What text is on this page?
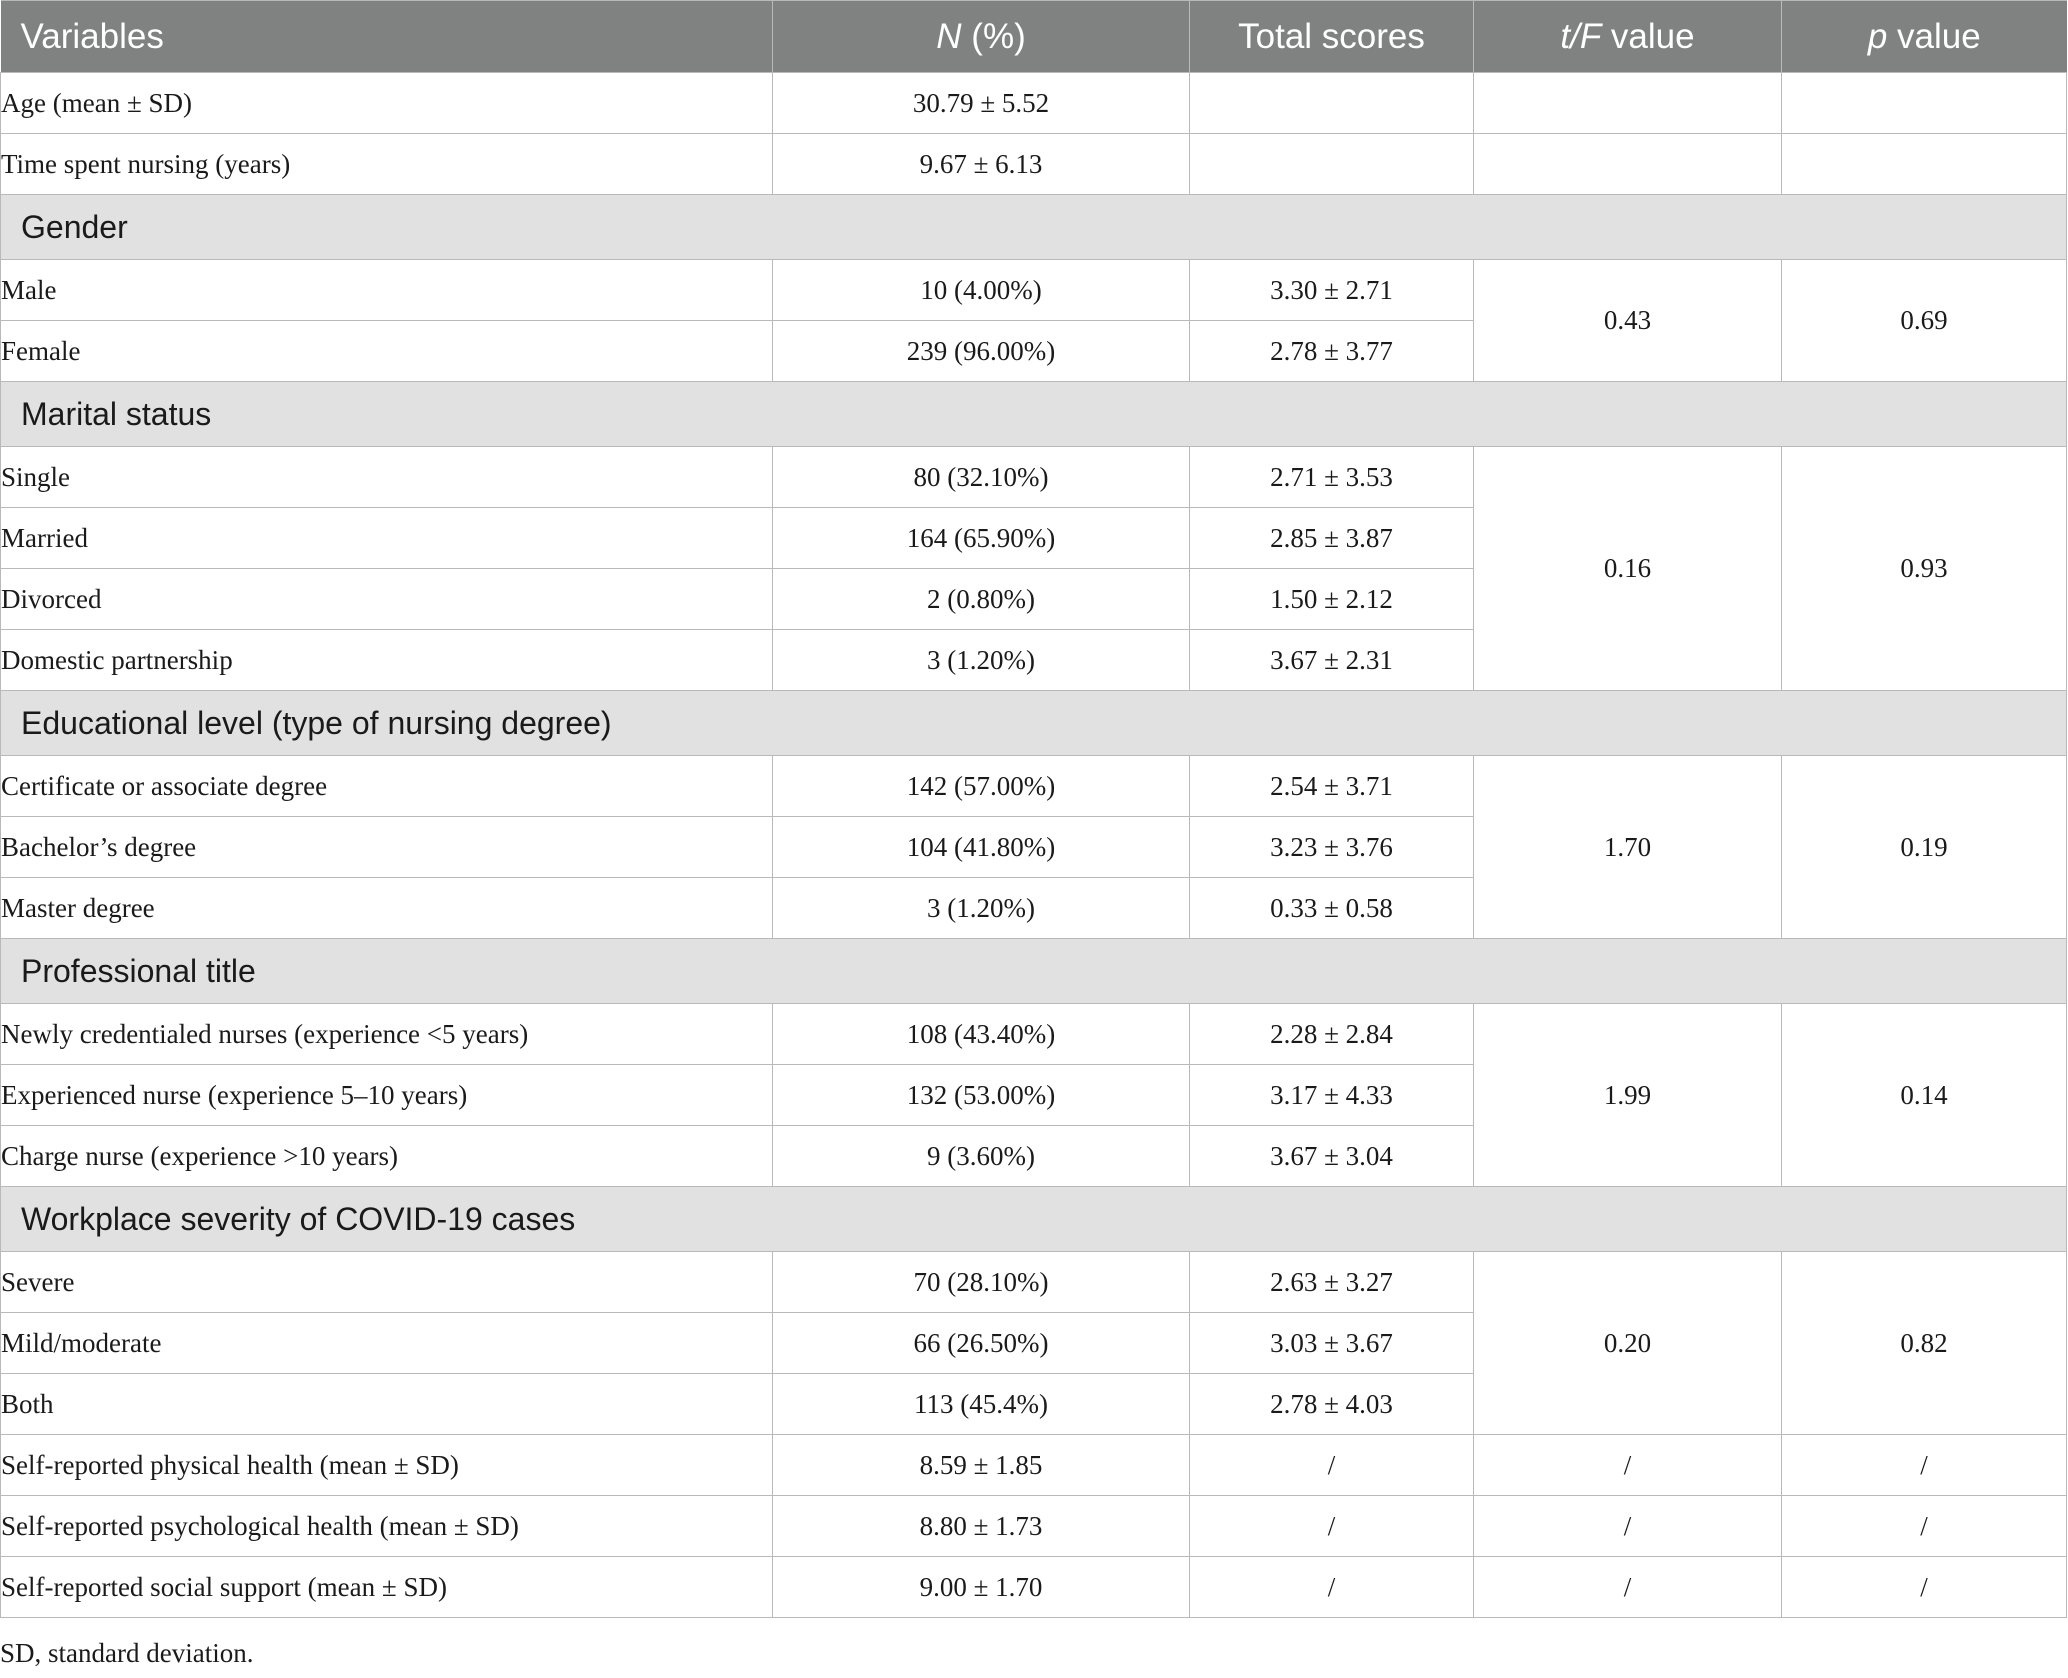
Variables	N (%)	Total scores	t/F value	p value
Age (mean ± SD)	30.79 ± 5.52			
Time spent nursing (years)	9.67 ± 6.13			
Gender				
Male	10 (4.00%)	3.30 ± 2.71	0.43	0.69
Female	239 (96.00%)	2.78 ± 3.77		
Marital status				
Single	80 (32.10%)	2.71 ± 3.53	0.16	0.93
Married	164 (65.90%)	2.85 ± 3.87		
Divorced	2 (0.80%)	1.50 ± 2.12		
Domestic partnership	3 (1.20%)	3.67 ± 2.31		
Educational level (type of nursing degree)				
Certificate or associate degree	142 (57.00%)	2.54 ± 3.71	1.70	0.19
Bachelor’s degree	104 (41.80%)	3.23 ± 3.76		
Master degree	3 (1.20%)	0.33 ± 0.58		
Professional title				
Newly credentialed nurses (experience <5 years)	108 (43.40%)	2.28 ± 2.84	1.99	0.14
Experienced nurse (experience 5–10 years)	132 (53.00%)	3.17 ± 4.33		
Charge nurse (experience >10 years)	9 (3.60%)	3.67 ± 3.04		
Workplace severity of COVID-19 cases				
Severe	70 (28.10%)	2.63 ± 3.27	0.20	0.82
Mild/moderate	66 (26.50%)	3.03 ± 3.67		
Both	113 (45.4%)	2.78 ± 4.03		
Self-reported physical health (mean ± SD)	8.59 ± 1.85	/	/	/
Self-reported psychological health (mean ± SD)	8.80 ± 1.73	/	/	/
Self-reported social support (mean ± SD)	9.00 ± 1.70	/	/	/
SD, standard deviation.
